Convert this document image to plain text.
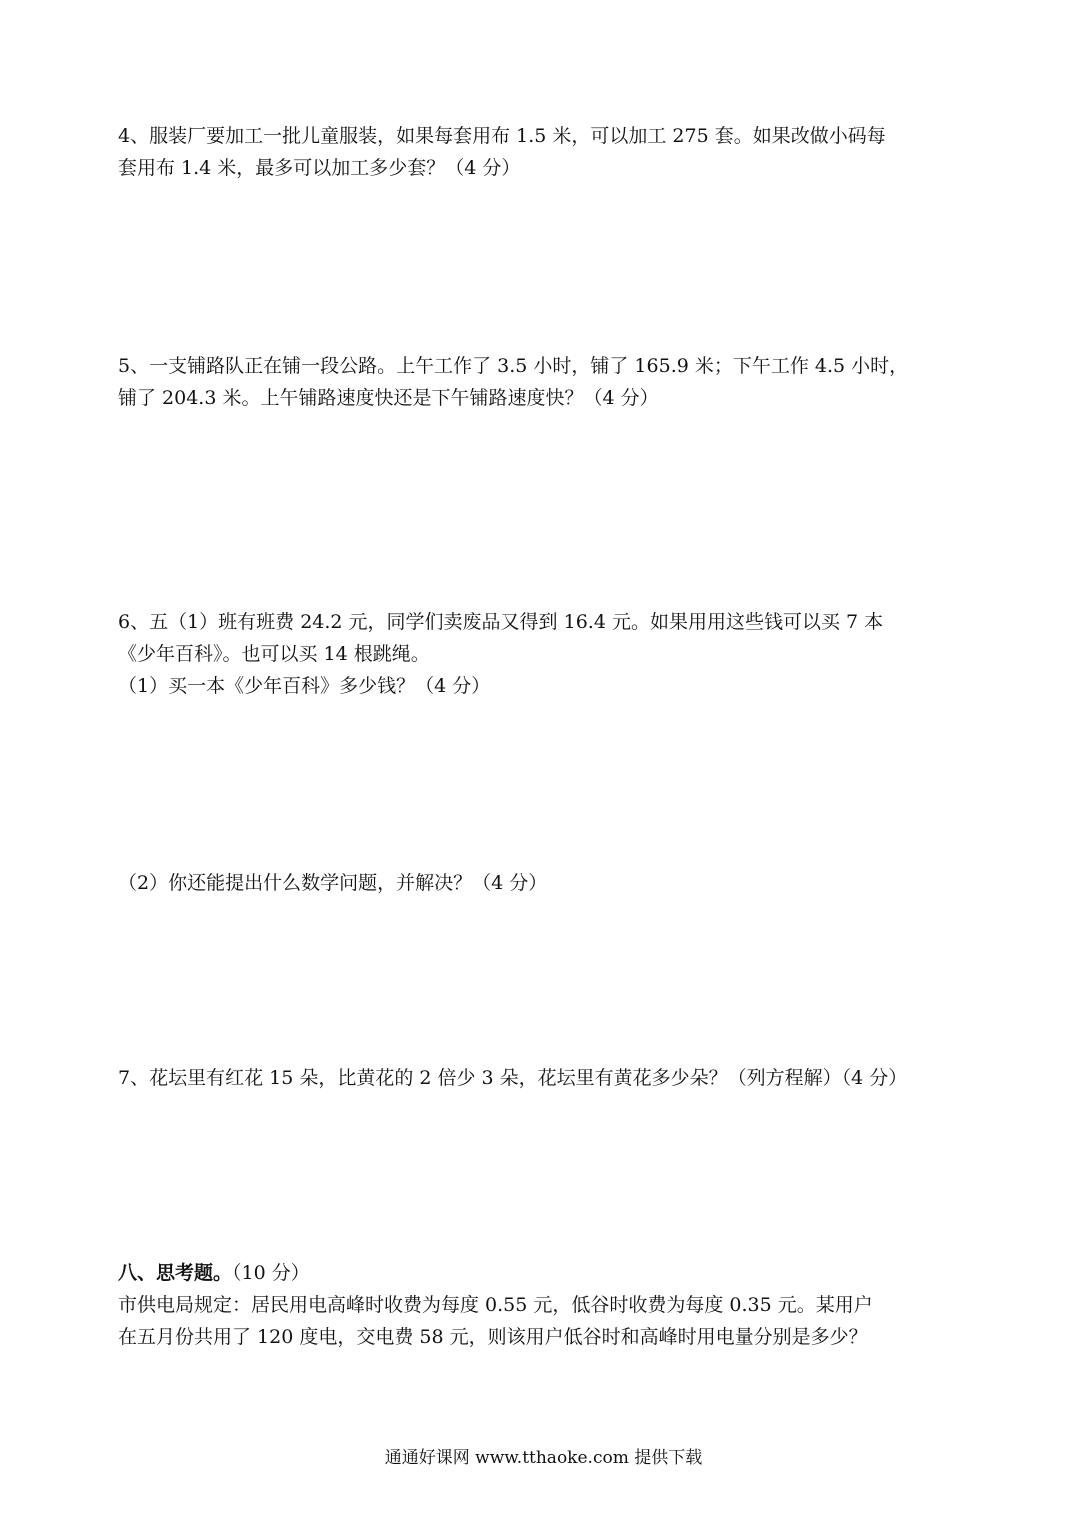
4、服装厂要加工一批儿童服装，如果每套用布 1.5 米，可以加工 275 套。如果改做小码每
套用布 1.4 米，最多可以加工多少套？（4 分）
5、一支铺路队正在铺一段公路。上午工作了 3.5 小时，铺了 165.9 米；下午工作 4.5 小时，
铺了 204.3 米。上午铺路速度快还是下午铺路速度快？（4 分）
6、五（1）班有班费 24.2 元，同学们卖废品又得到 16.4 元。如果用用这些钱可以买 7 本
《少年百科》。也可以买 14 根跳绳。
（1）买一本《少年百科》多少钱？（4 分）
（2）你还能提出什么数学问题，并解决？（4 分）
7、花坛里有红花 15 朵，比黄花的 2 倍少 3 朵，花坛里有黄花多少朵？（列方程解）（4 分）
八、思考题。（10 分）
市供电局规定：居民用电高峰时收费为每度 0.55 元，低谷时收费为每度 0.35 元。某用户
在五月份共用了 120 度电，交电费 58 元，则该用户低谷时和高峰时用电量分别是多少？
通通好课网 www.tthaoke.com 提供下载
